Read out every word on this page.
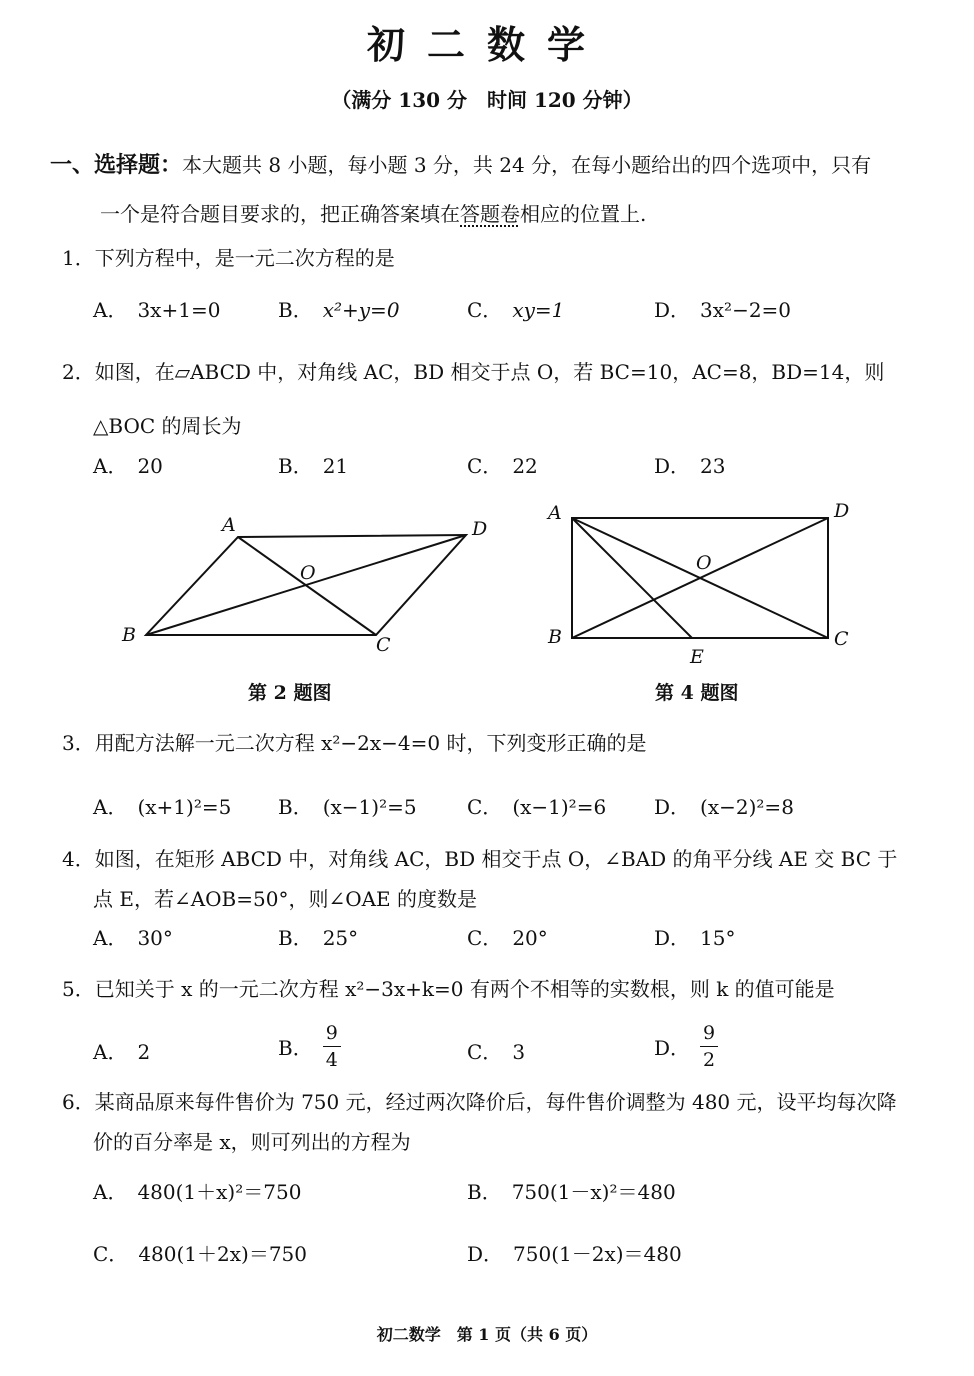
初二数学
（满分 130 分　时间 120 分钟）
一、选择题：本大题共 8 小题，每小题 3 分，共 24 分，在每小题给出的四个选项中，只有
一个是符合题目要求的，把正确答案填在答题卷相应的位置上.
1．下列方程中，是一元二次方程的是
A． 3x+1=0	B． x²+y=0	C． xy=1	D． 3x²−2=0
2．如图，在▱ABCD 中，对角线 AC，BD 相交于点 O，若 BC=10，AC=8，BD=14，则
△BOC 的周长为
A． 20	B． 21	C． 22	D． 23
A
B	C
D
O
A
B	C
D
O
E
第 2 题图	第 4 题图
3．用配方法解一元二次方程 x²−2x−4=0 时，下列变形正确的是
A． (x+1)²=5 B． (x−1)²=5	C． (x−1)²=6 D． (x−2)²=8
4．如图，在矩形 ABCD 中，对角线 AC，BD 相交于点 O，∠BAD 的角平分线 AE 交 BC 于
点 E，若∠AOB=50°，则∠OAE 的度数是
A． 30°	B． 25°	C． 20°	D． 15°
5．已知关于 x 的一元二次方程 x²−3x+k=0 有两个不相等的实数根，则 k 的值可能是
A． 2	B． $\frac{9}{4}$	C． 3	D． $\frac{9}{2}$
6．某商品原来每件售价为 750 元，经过两次降价后，每件售价调整为 480 元，设平均每次降
价的百分率是 x，则可列出的方程为
A． 480(1＋x)²＝750	B． 750(1－x)²＝480
C． 480(1＋2x)＝750	D． 750(1－2x)＝480
初二数学　第 1 页（共 6 页）
